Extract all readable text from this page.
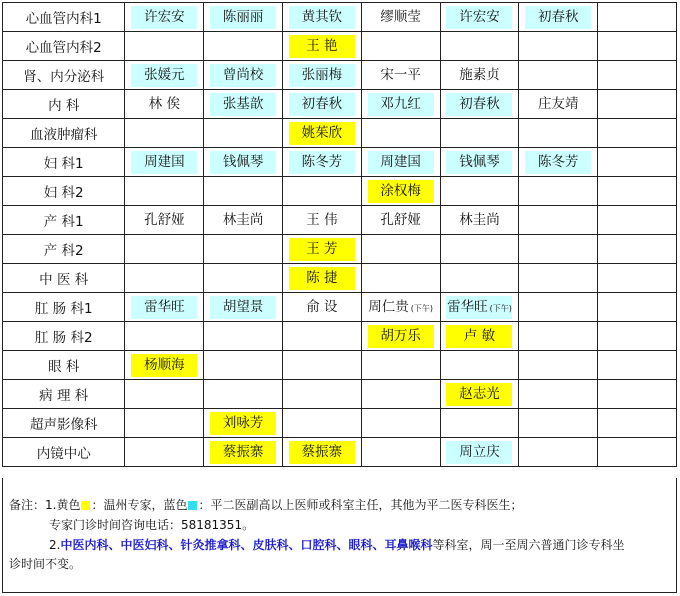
心血管内科1	许宏安	陈丽丽	黄其钦	缪顺莹	许宏安	初春秋	
心血管内科2			王 艳				
肾、内分泌科	张媛元	曾尚校	张丽梅	宋一平	施素贞		
内 科	林 俟	张基歆	初春秋	邓九红	初春秋	庄友靖	
血液肿瘤科			姚茱欣				
妇 科1	周建国	钱佩琴	陈冬芳	周建国	钱佩琴	陈冬芳	
妇 科2				涂权梅			
产 科1	孔舒娅	林圭尚	王 伟	孔舒娅	林圭尚		
产 科2			王 芳				
中 医 科			陈 捷				
肛 肠 科1	雷华旺	胡望景	俞 设	周仁贵 (下午)	雷华旺 (下午)		
肛 肠 科2				胡万乐	卢 敏		
眼 科	杨顺海						
病 理 科					赵志光		
超声影像科		刘咏芳					
内镜中心		蔡振寨	蔡振寨		周立庆		
备注：1.黄色 ：温州专家，蓝色 ：平二医副高以上医师或科室主任，其他为平二医专科医生；
专家门诊时间咨询电话：58181351。
2.中医内科、中医妇科、针灸推拿科、皮肤科、口腔科、眼科、耳鼻喉科等科室，周一至周六普通门诊专科坐
诊时间不变。
